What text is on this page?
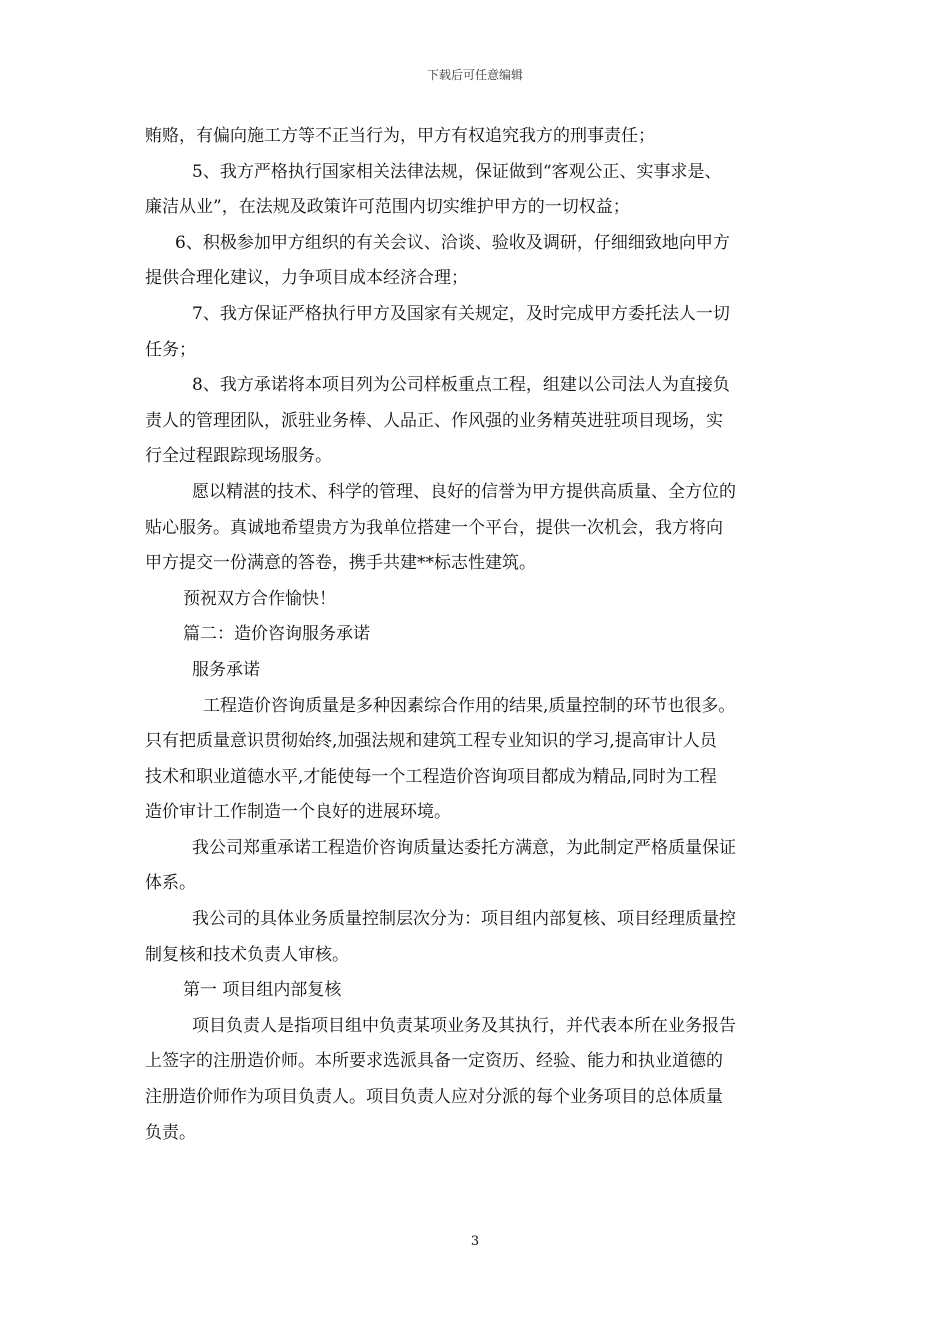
下载后可任意编辑
贿赂，有偏向施工方等不正当行为，甲方有权追究我方的刑事责任；
5、我方严格执行国家相关法律法规，保证做到“客观公正、实事求是、
廉洁从业”，在法规及政策许可范围内切实维护甲方的一切权益；
6、积极参加甲方组织的有关会议、洽谈、验收及调研，仔细细致地向甲方
提供合理化建议，力争项目成本经济合理；
7、我方保证严格执行甲方及国家有关规定，及时完成甲方委托法人一切
任务；
8、我方承诺将本项目列为公司样板重点工程，组建以公司法人为直接负
责人的管理团队，派驻业务棒、人品正、作风强的业务精英进驻项目现场，实
行全过程跟踪现场服务。
愿以精湛的技术、科学的管理、良好的信誉为甲方提供高质量、全方位的
贴心服务。真诚地希望贵方为我单位搭建一个平台，提供一次机会，我方将向
甲方提交一份满意的答卷，携手共建**标志性建筑。
预祝双方合作愉快！
篇二：造价咨询服务承诺
服务承诺
工程造价咨询质量是多种因素综合作用的结果,质量控制的环节也很多。
只有把质量意识贯彻始终,加强法规和建筑工程专业知识的学习,提高审计人员
技术和职业道德水平,才能使每一个工程造价咨询项目都成为精品,同时为工程
造价审计工作制造一个良好的进展环境。
我公司郑重承诺工程造价咨询质量达委托方满意，为此制定严格质量保证
体系。
我公司的具体业务质量控制层次分为：项目组内部复核、项目经理质量控
制复核和技术负责人审核。
第一 项目组内部复核
项目负责人是指项目组中负责某项业务及其执行，并代表本所在业务报告
上签字的注册造价师。本所要求选派具备一定资历、经验、能力和执业道德的
注册造价师作为项目负责人。项目负责人应对分派的每个业务项目的总体质量
负责。
3
